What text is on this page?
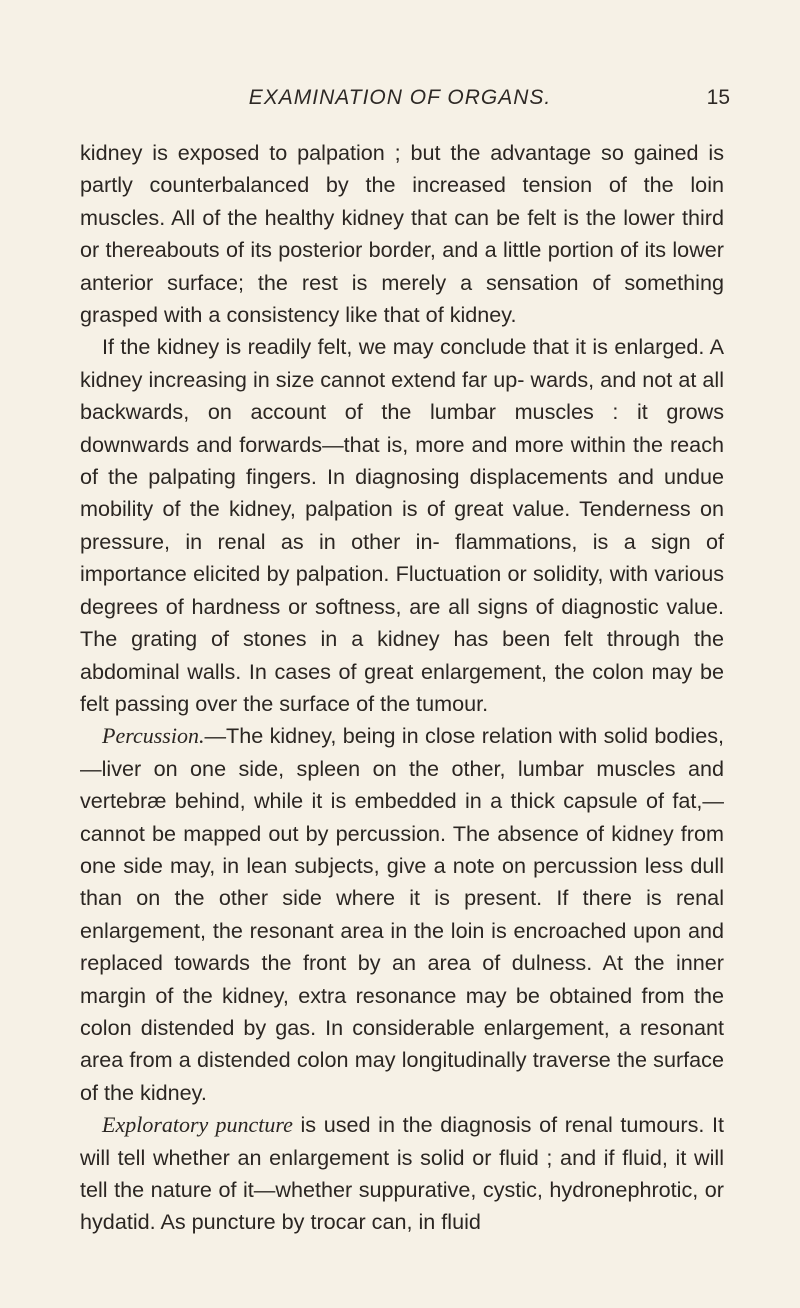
EXAMINATION OF ORGANS.	15

kidney is exposed to palpation ; but the advantage so gained is partly counterbalanced by the increased tension of the loin muscles. All of the healthy kidney that can be felt is the lower third or thereabouts of its posterior border, and a little portion of its lower anterior surface; the rest is merely a sensation of something grasped with a consistency like that of kidney.

If the kidney is readily felt, we may conclude that it is enlarged. A kidney increasing in size cannot extend far up- wards, and not at all backwards, on account of the lumbar muscles : it grows downwards and forwards—that is, more and more within the reach of the palpating fingers. In diagnosing displacements and undue mobility of the kidney, palpation is of great value. Tenderness on pressure, in renal as in other in- flammations, is a sign of importance elicited by palpation. Fluctuation or solidity, with various degrees of hardness or softness, are all signs of diagnostic value. The grating of stones in a kidney has been felt through the abdominal walls. In cases of great enlargement, the colon may be felt passing over the surface of the tumour.

Percussion.—The kidney, being in close relation with solid bodies,—liver on one side, spleen on the other, lumbar muscles and vertebræ behind, while it is embedded in a thick capsule of fat,—cannot be mapped out by percussion. The absence of kidney from one side may, in lean subjects, give a note on percussion less dull than on the other side where it is present. If there is renal enlargement, the resonant area in the loin is encroached upon and replaced towards the front by an area of dulness. At the inner margin of the kidney, extra resonance may be obtained from the colon distended by gas. In considerable enlargement, a resonant area from a distended colon may longitudinally traverse the surface of the kidney.

Exploratory puncture is used in the diagnosis of renal tumours. It will tell whether an enlargement is solid or fluid ; and if fluid, it will tell the nature of it—whether suppurative, cystic, hydronephrotic, or hydatid. As puncture by trocar can, in fluid
